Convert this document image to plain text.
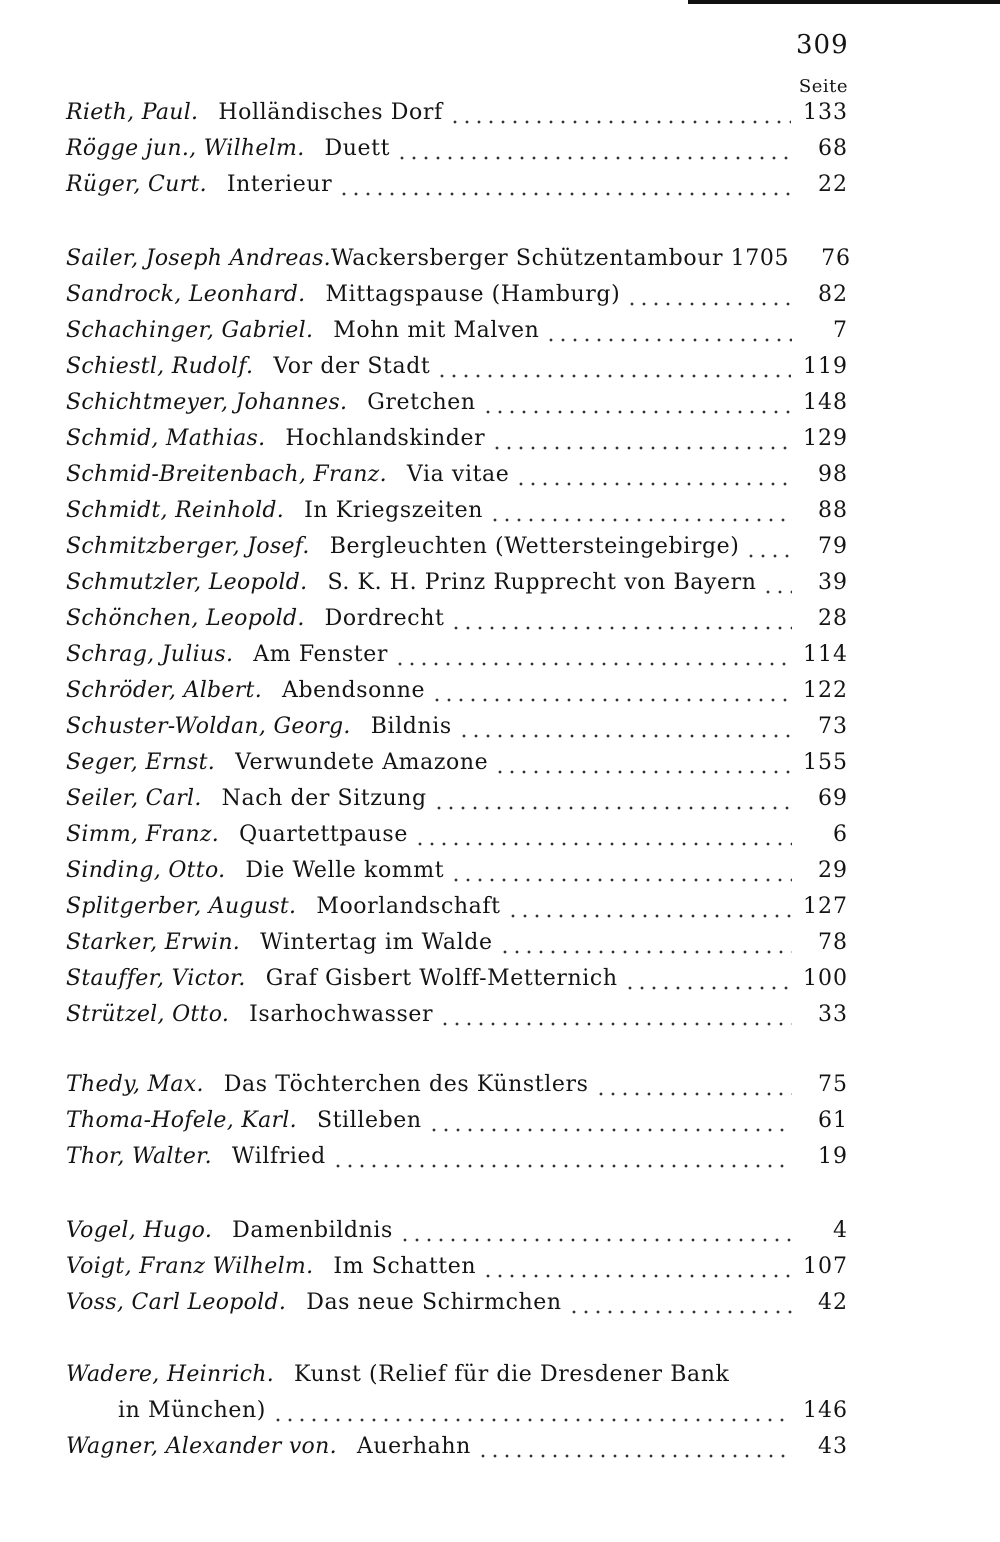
309
Seite
Rieth, Paul. Holländisches Dorf	133
Rögge jun., Wilhelm. Duett	68
Rüger, Curt. Interieur	22
Sailer, Joseph Andreas. Wackersberger Schützentambour 1705	76
Sandrock, Leonhard. Mittagspause (Hamburg)	82
Schachinger, Gabriel. Mohn mit Malven	7
Schiestl, Rudolf. Vor der Stadt	119
Schichtmeyer, Johannes. Gretchen	148
Schmid, Mathias. Hochlandskinder	129
Schmid-Breitenbach, Franz. Via vitae	98
Schmidt, Reinhold. In Kriegszeiten	88
Schmitzberger, Josef. Bergleuchten (Wettersteingebirge)	79
Schmutzler, Leopold. S. K. H. Prinz Rupprecht von Bayern	39
Schönchen, Leopold. Dordrecht	28
Schrag, Julius. Am Fenster	114
Schröder, Albert. Abendsonne	122
Schuster-Woldan, Georg. Bildnis	73
Seger, Ernst. Verwundete Amazone	155
Seiler, Carl. Nach der Sitzung	69
Simm, Franz. Quartettpause	6
Sinding, Otto. Die Welle kommt	29
Splitgerber, August. Moorlandschaft	127
Starker, Erwin. Wintertag im Walde	78
Stauffer, Victor. Graf Gisbert Wolff-Metternich	100
Strützel, Otto. Isarhochwasser	33
Thedy, Max. Das Töchterchen des Künstlers	75
Thoma-Hofele, Karl. Stilleben	61
Thor, Walter. Wilfried	19
Vogel, Hugo. Damenbildnis	4
Voigt, Franz Wilhelm. Im Schatten	107
Voss, Carl Leopold. Das neue Schirmchen	42
Wadere, Heinrich. Kunst (Relief für die Dresdener Bank
in München)	146
Wagner, Alexander von. Auerhahn	43
